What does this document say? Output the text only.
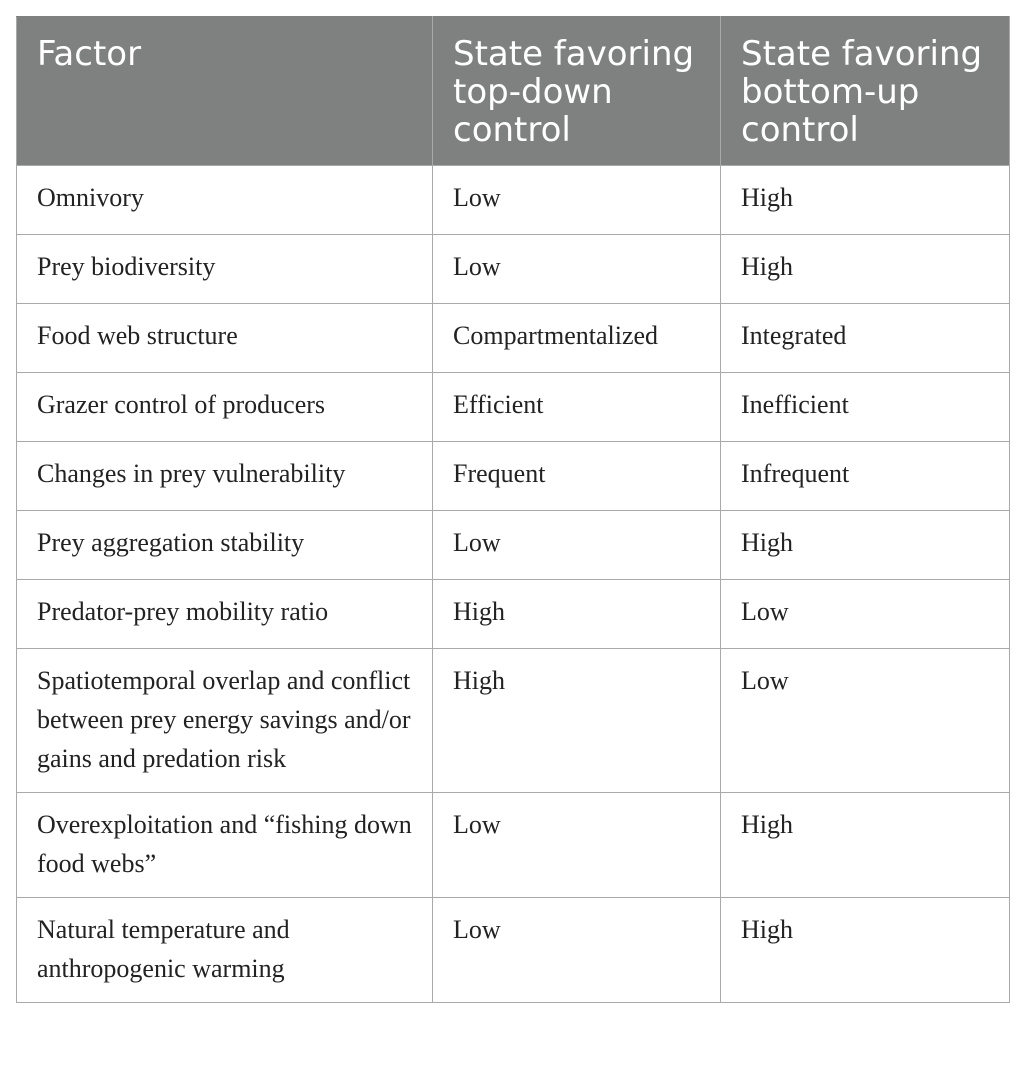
Factor	State favoring top-down control	State favoring bottom-up control
Omnivory	Low	High
Prey biodiversity	Low	High
Food web structure	Compartmentalized	Integrated
Grazer control of producers	Efficient	Inefficient
Changes in prey vulnerability	Frequent	Infrequent
Prey aggregation stability	Low	High
Predator-prey mobility ratio	High	Low
Spatiotemporal overlap and conflict between prey energy savings and/or gains and predation risk	High	Low
Overexploitation and “fishing down food webs”	Low	High
Natural temperature and anthropogenic warming	Low	High
